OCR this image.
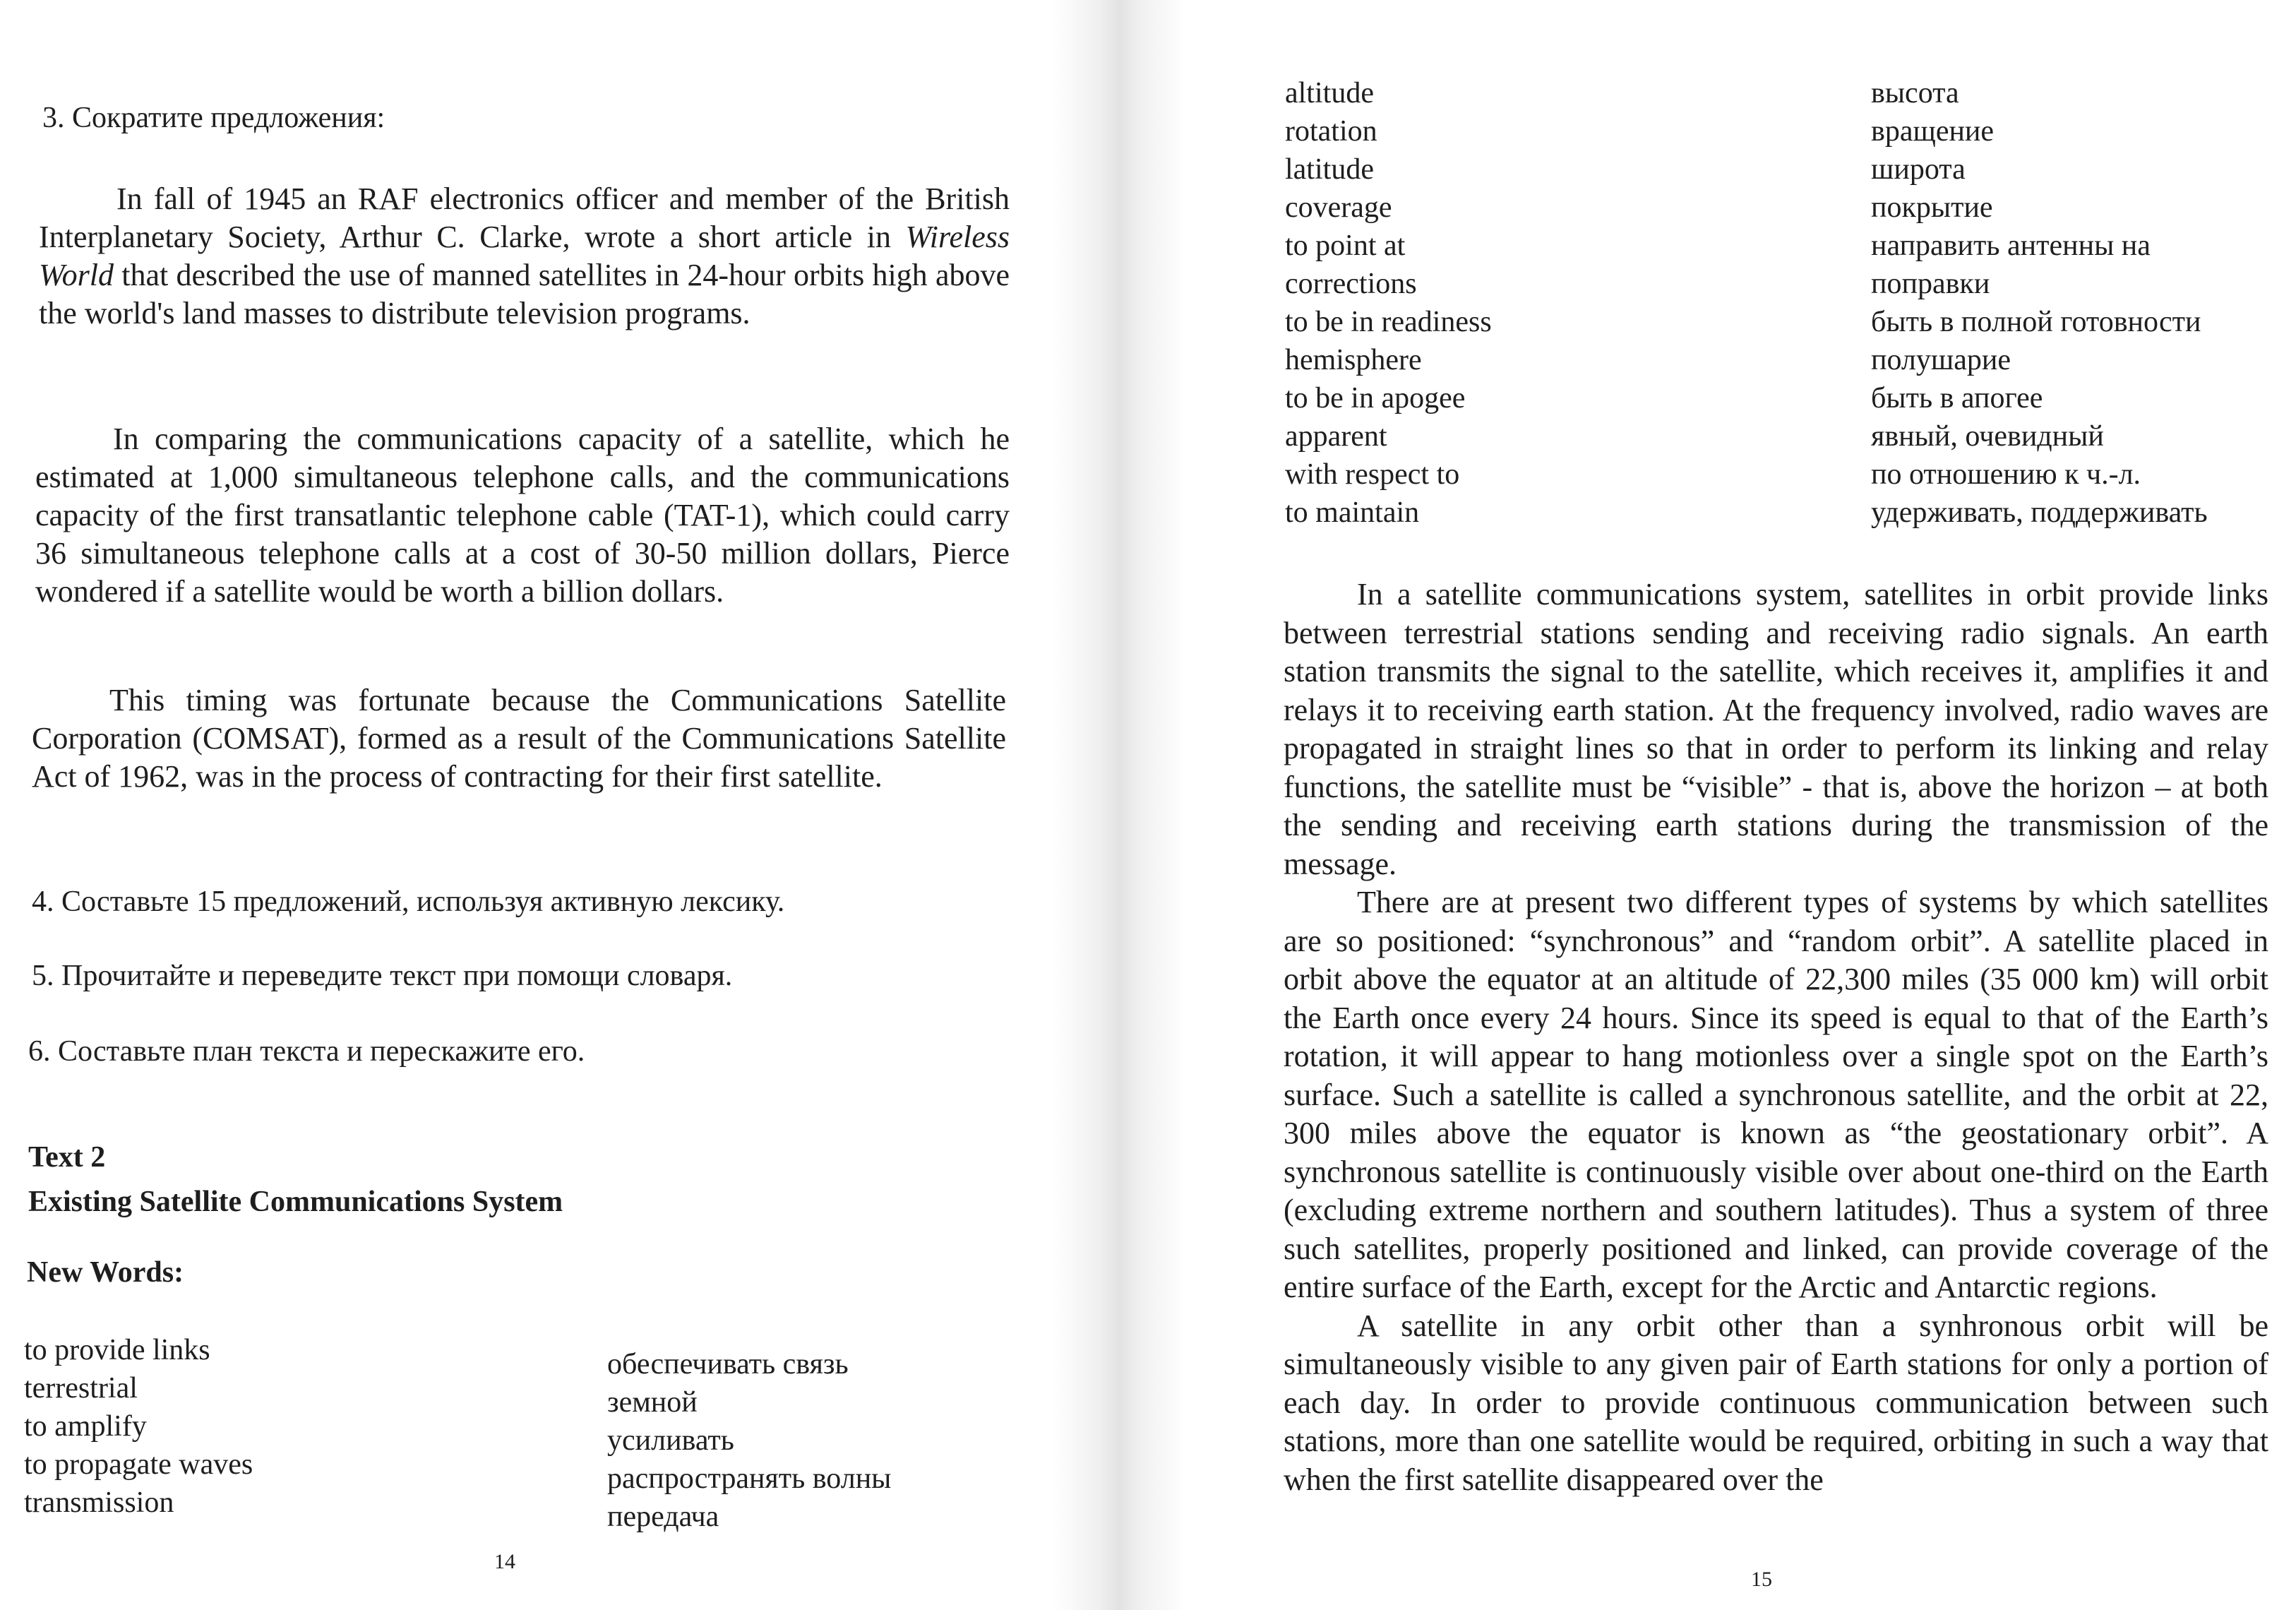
3. Сократите предложения:

In fall of 1945 an RAF electronics officer and member of the British Interplanetary Society, Arthur C. Clarke, wrote a short article in Wireless World that described the use of manned satellites in 24-hour orbits high above the world's land masses to distribute television programs.

In comparing the communications capacity of a satellite, which he estimated at 1,000 simultaneous telephone calls, and the communications capacity of the first transatlantic telephone cable (TAT-1), which could carry 36 simultaneous telephone calls at a cost of 30-50 million dollars, Pierce wondered if a satellite would be worth a billion dollars.

This timing was fortunate because the Communications Satellite Corporation (COMSAT), formed as a result of the Communications Satellite Act of 1962, was in the process of contracting for their first satellite.

4. Составьте 15 предложений, используя активную лексику.
5. Прочитайте и переведите текст при помощи словаря.
6. Составьте план текста и перескажите его.
Text 2
Existing Satellite Communications System
New Words:
to provide links
terrestrial
to amplify
to propagate waves
transmission
обеспечивать связь
земной
усиливать
распространять волны
передача
14
altitude
rotation
latitude
coverage
to point at
corrections
to be in readiness
hemisphere
to be in apogee
apparent
with respect to
to maintain
высота
вращение
широта
покрытие
направить антенны на
поправки
быть в полной готовности
полушарие
быть в апогее
явный, очевидный
по отношению к ч.-л.
удерживать, поддерживать

In a satellite communications system, satellites in orbit provide links between terrestrial stations sending and receiving radio signals. An earth station transmits the signal to the satellite, which receives it, amplifies it and relays it to receiving earth station. At the frequency involved, radio waves are propagated in straight lines so that in order to perform its linking and relay functions, the satellite must be “visible” - that is, above the horizon – at both the sending and receiving earth stations during the transmission of the message.

There are at present two different types of systems by which satellites are so positioned: “synchronous” and “random orbit”. A satellite placed in orbit above the equator at an altitude of 22,300 miles (35 000 km) will orbit the Earth once every 24 hours. Since its speed is equal to that of the Earth’s rotation, it will appear to hang motionless over a single spot on the Earth’s surface. Such a satellite is called a synchronous satellite, and the orbit at 22, 300 miles above the equator is known as “the geostationary orbit”. A synchronous satellite is continuously visible over about one-third on the Earth (excluding extreme northern and southern latitudes). Thus a system of three such satellites, properly positioned and linked, can provide coverage of the entire surface of the Earth, except for the Arctic and Antarctic regions.

A satellite in any orbit other than a synhronous orbit will be simultaneously visible to any given pair of Earth stations for only a portion of each day. In order to provide continuous communication between such stations, more than one satellite would be required, orbiting in such a way that when the first satellite disappeared over the

15
